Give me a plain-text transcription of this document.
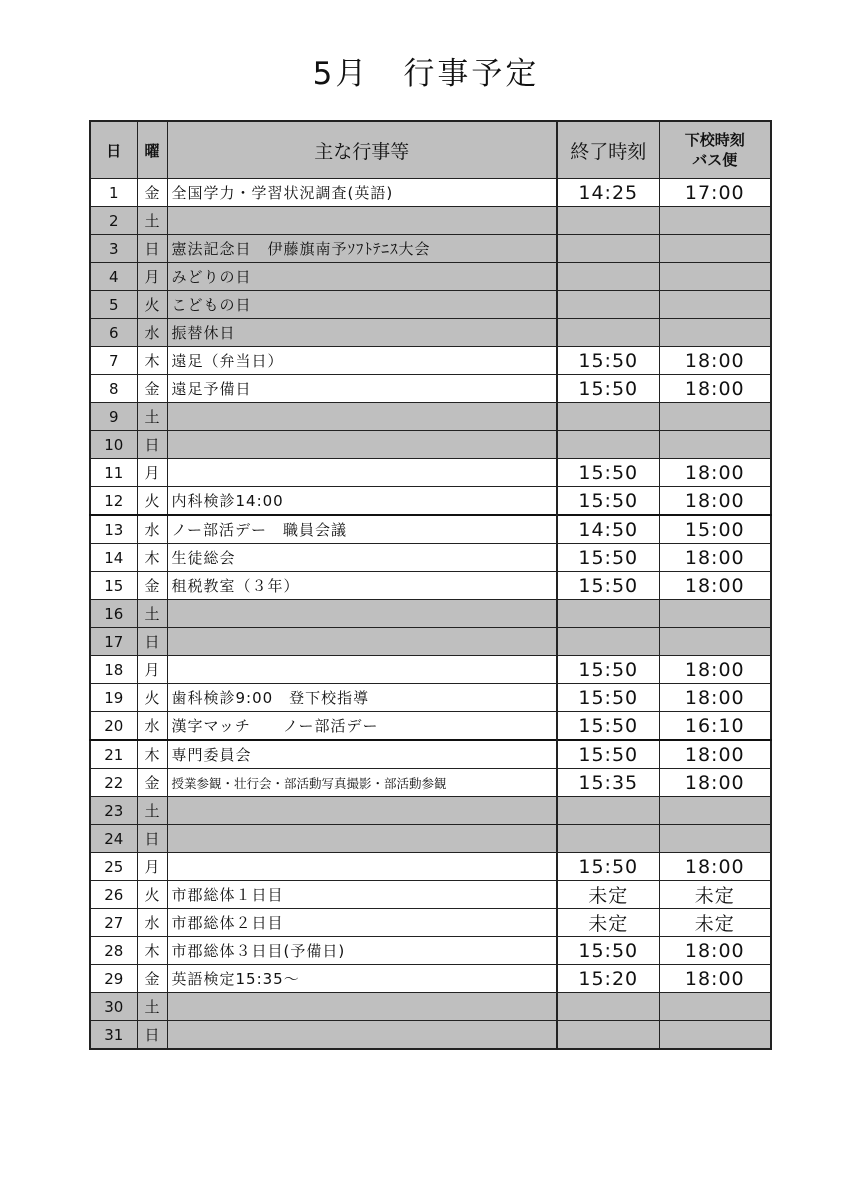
5月　行事予定
日	曜	主な行事等	終了時刻	下校時刻
バス便

1	金	全国学力・学習状況調査(英語)	14:25	17:00
2	土			
3	日	憲法記念日　伊藤旗南予ｿﾌﾄﾃﾆｽ大会		
4	月	みどりの日		
5	火	こどもの日		
6	水	振替休日		
7	木	遠足（弁当日）	15:50	18:00
8	金	遠足予備日	15:50	18:00
9	土			
10	日			
11	月		15:50	18:00
12	火	内科検診14:00	15:50	18:00
13	水	ノー部活デー　職員会議	14:50	15:00
14	木	生徒総会	15:50	18:00
15	金	租税教室（３年）	15:50	18:00
16	土			
17	日			
18	月		15:50	18:00
19	火	歯科検診9:00　登下校指導	15:50	18:00
20	水	漢字マッチ　　ノー部活デー	15:50	16:10
21	木	専門委員会	15:50	18:00
22	金	授業参観・壮行会・部活動写真撮影・部活動参観	15:35	18:00
23	土			
24	日			
25	月		15:50	18:00
26	火	市郡総体１日目	未定	未定
27	水	市郡総体２日目	未定	未定
28	木	市郡総体３日目(予備日)	15:50	18:00
29	金	英語検定15:35～	15:20	18:00
30	土			
31	日			
